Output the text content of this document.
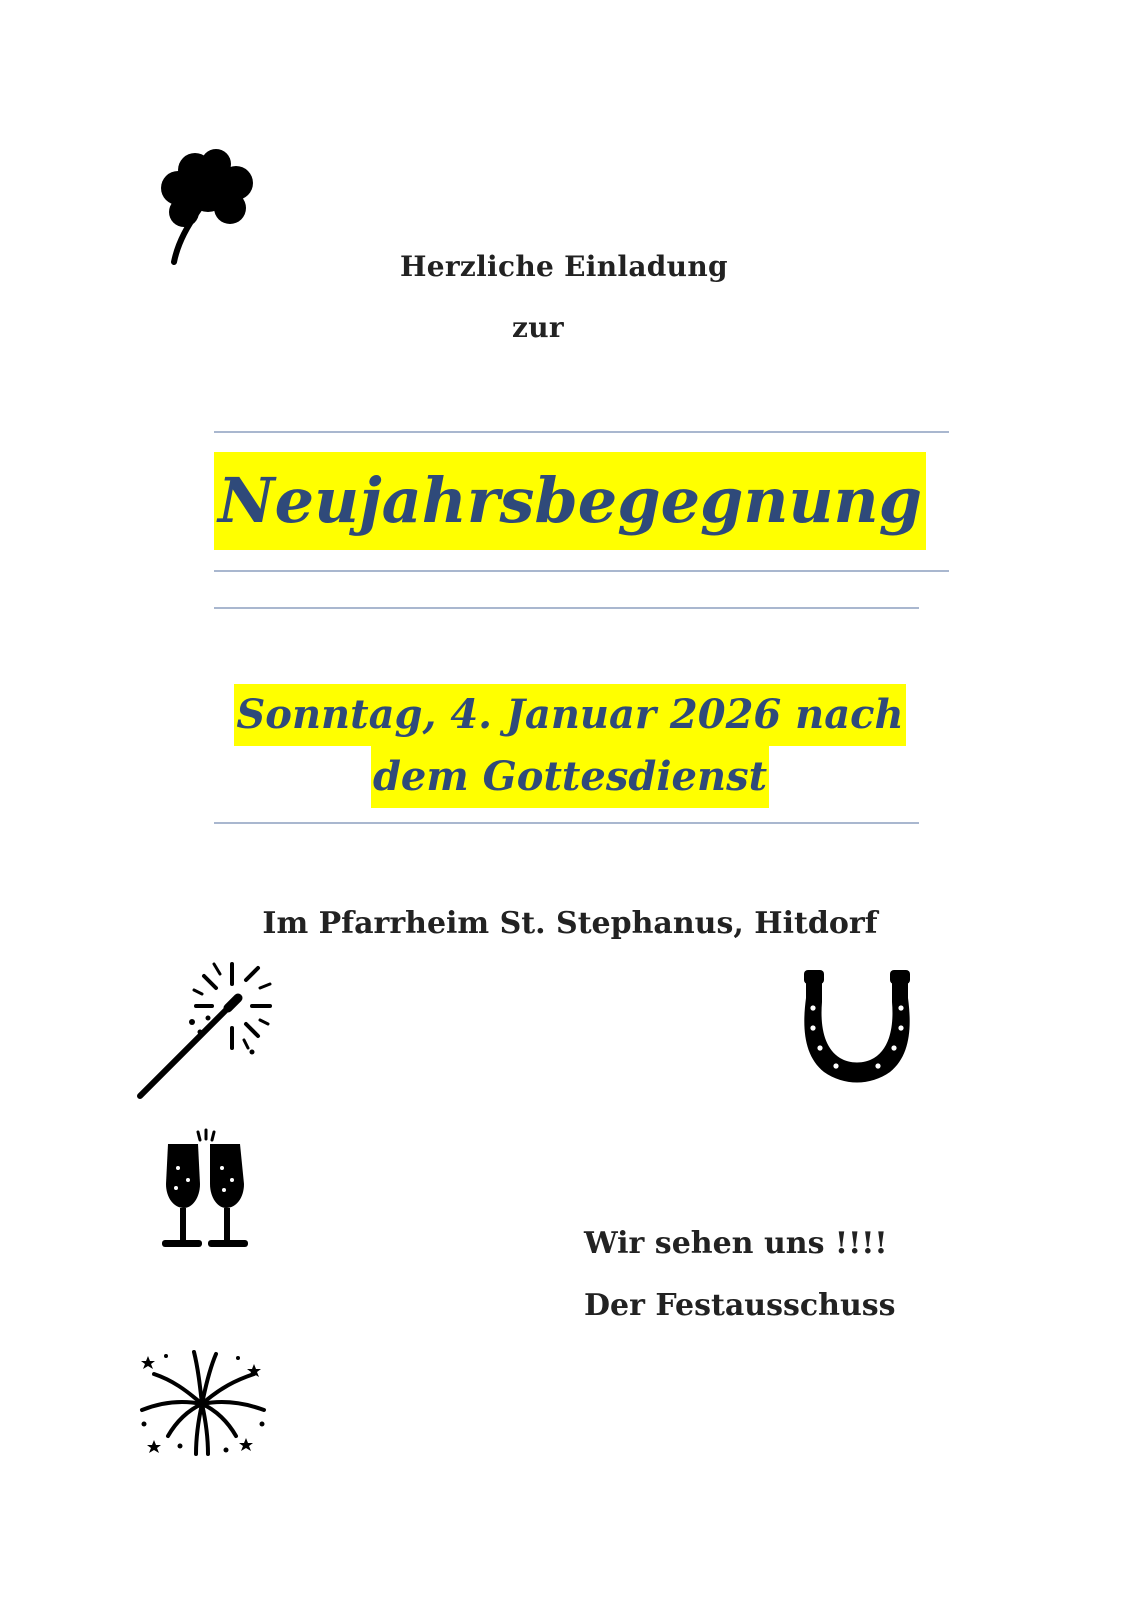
Herzliche Einladung
zur
Neujahrsbegegnung
Sonntag, 4. Januar 2026 nach
dem Gottesdienst
Im Pfarrheim St. Stephanus, Hitdorf
Wir sehen uns !!!!
Der Festausschuss
